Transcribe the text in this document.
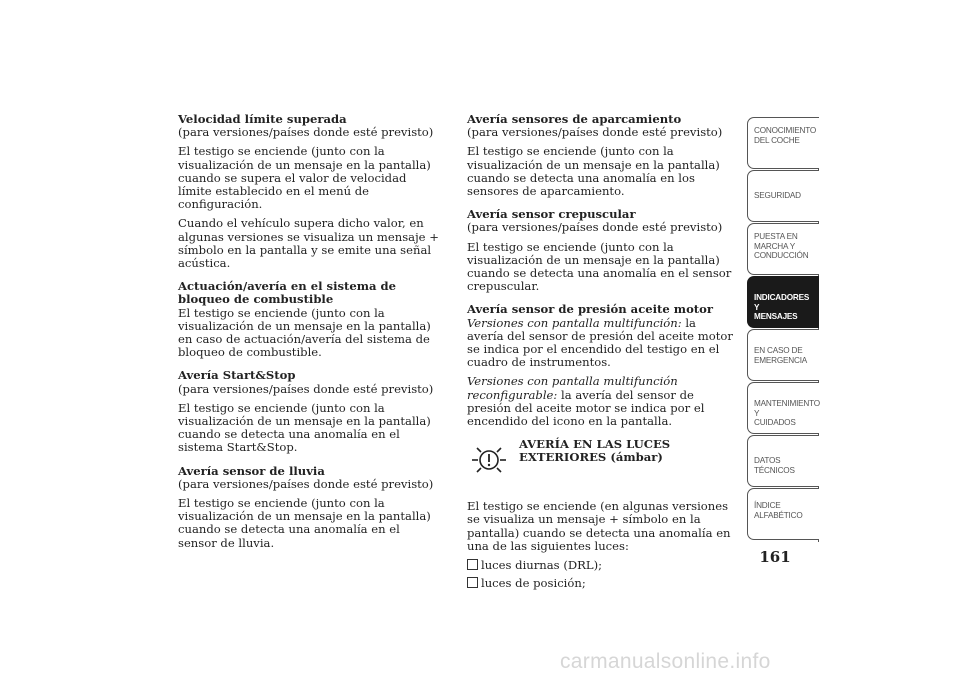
Velocidad límite superada

(para versiones/países donde esté previsto)

El testigo se enciende (junto con la visualización de un mensaje en la pantalla) cuando se supera el valor de velocidad límite establecido en el menú de configuración.

Cuando el vehículo supera dicho valor, en algunas versiones se visualiza un mensaje + símbolo en la pantalla y se emite una señal acústica.

Actuación/avería en el sistema de bloqueo de combustible

El testigo se enciende (junto con la visualización de un mensaje en la pantalla) en caso de actuación/avería del sistema de bloqueo de combustible.

Avería Start&Stop

(para versiones/países donde esté previsto)

El testigo se enciende (junto con la visualización de un mensaje en la pantalla) cuando se detecta una anomalía en el sistema Start&Stop.

Avería sensor de lluvia

(para versiones/países donde esté previsto)

El testigo se enciende (junto con la visualización de un mensaje en la pantalla) cuando se detecta una anomalía en el sensor de lluvia.

Avería sensores de aparcamiento

(para versiones/países donde esté previsto)

El testigo se enciende (junto con la visualización de un mensaje en la pantalla) cuando se detecta una anomalía en los sensores de aparcamiento.

Avería sensor crepuscular

(para versiones/países donde esté previsto)

El testigo se enciende (junto con la visualización de un mensaje en la pantalla) cuando se detecta una anomalía en el sensor crepuscular.

Avería sensor de presión aceite motor

Versiones con pantalla multifunción: la avería del sensor de presión del aceite motor se indica por el encendido del testigo en el cuadro de instrumentos.

Versiones con pantalla multifunción reconfigurable: la avería del sensor de presión del aceite motor se indica por el encendido del icono en la pantalla.

AVERÍA EN LAS LUCES
EXTERIORES (ámbar)

El testigo se enciende (en algunas versiones se visualiza un mensaje + símbolo en la pantalla) cuando se detecta una anomalía en una de las siguientes luces:

luces diurnas (DRL);
luces de posición;
CONOCIMIENTO
DEL COCHE
SEGURIDAD
PUESTA EN
MARCHA Y
CONDUCCIÓN
INDICADORES Y
MENSAJES
EN CASO DE
EMERGENCIA
MANTENIMIENTO Y
CUIDADOS
DATOS TÉCNICOS
ÍNDICE
ALFABÉTICO
161
carmanualsonline.info
